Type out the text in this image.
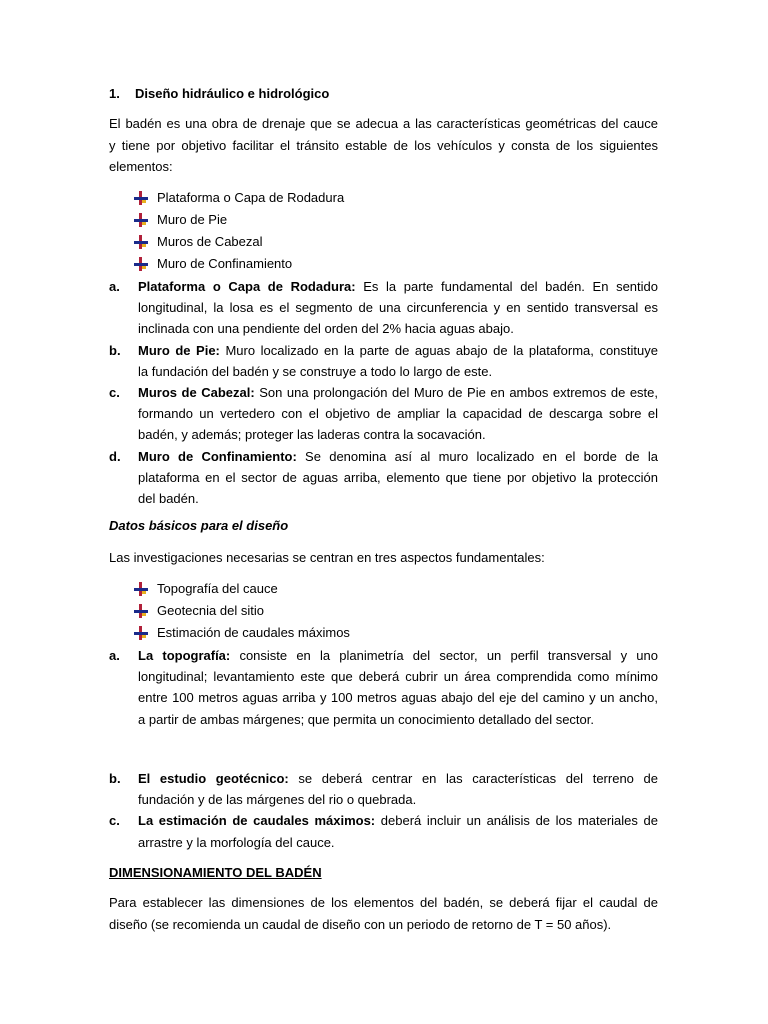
1. Diseño hidráulico e hidrológico

El badén es una obra de drenaje que se adecua a las características geométricas del cauce
y tiene por objetivo facilitar el tránsito estable de los vehículos y consta de los siguientes
elementos:

Plataforma o Capa de Rodadura
Muro de Pie
Muros de Cabezal
Muro de Confinamiento
a. Plataforma o Capa de Rodadura: Es la parte fundamental del badén. En sentido
longitudinal, la losa es el segmento de una circunferencia y en sentido transversal es
inclinada con una pendiente del orden del 2% hacia aguas abajo.
b. Muro de Pie: Muro localizado en la parte de aguas abajo de la plataforma, constituye
la fundación del badén y se construye a todo lo largo de este.
c. Muros de Cabezal: Son una prolongación del Muro de Pie en ambos extremos de este,
formando un vertedero con el objetivo de ampliar la capacidad de descarga sobre el
badén, y además; proteger las laderas contra la socavación.
d. Muro de Confinamiento: Se denomina así al muro localizado en el borde de la
plataforma en el sector de aguas arriba, elemento que tiene por objetivo la protección
del badén.
Datos básicos para el diseño

Las investigaciones necesarias se centran en tres aspectos fundamentales:

Topografía del cauce
Geotecnia del sitio
Estimación de caudales máximos
a. La topografía: consiste en la planimetría del sector, un perfil transversal y uno
longitudinal; levantamiento este que deberá cubrir un área comprendida como mínimo
entre 100 metros aguas arriba y 100 metros aguas abajo del eje del camino y un ancho,
a partir de ambas márgenes; que permita un conocimiento detallado del sector.
b. El estudio geotécnico: se deberá centrar en las características del terreno de
fundación y de las márgenes del rio o quebrada.
c. La estimación de caudales máximos: deberá incluir un análisis de los materiales de
arrastre y la morfología del cauce.
DIMENSIONAMIENTO DEL BADÉN

Para establecer las dimensiones de los elementos del badén, se deberá fijar el caudal de
diseño (se recomienda un caudal de diseño con un periodo de retorno de T = 50 años).
